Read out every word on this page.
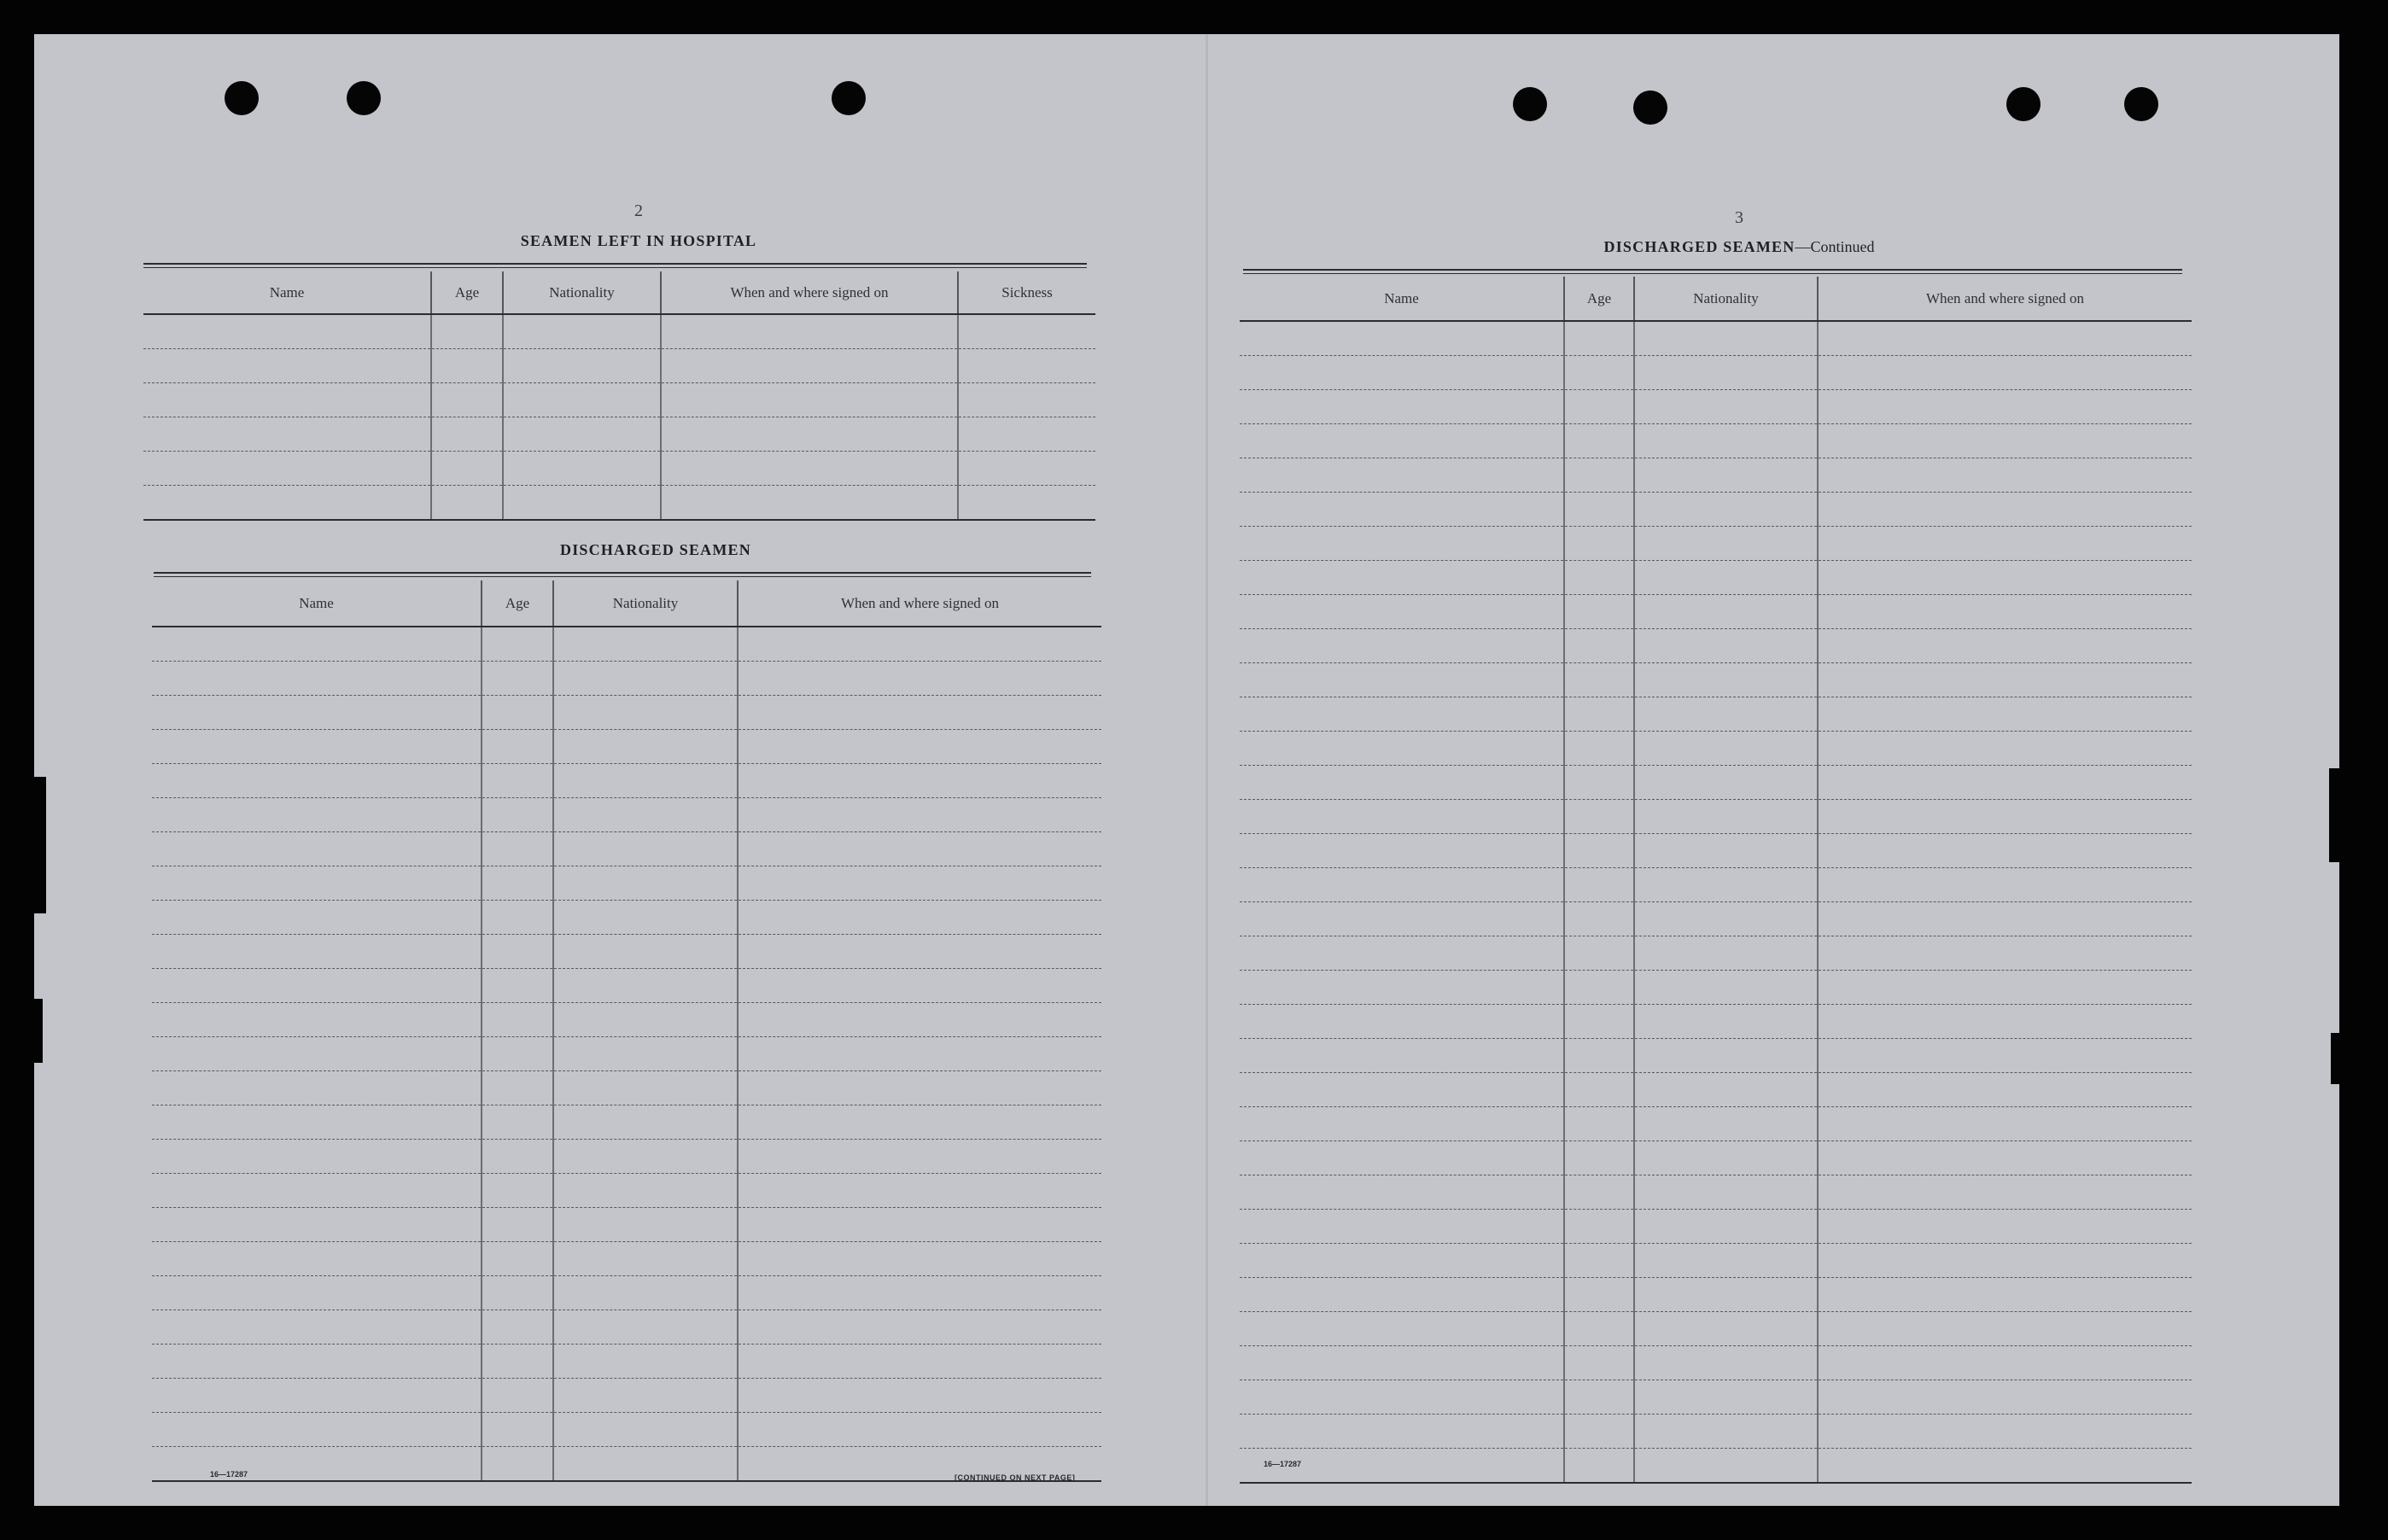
2
SEAMEN LEFT IN HOSPITAL
Name	Age	Nationality	When and where signed on	Sickness

DISCHARGED SEAMEN
Name	Age	Nationality	When and where signed on

16—17287	[CONTINUED ON NEXT PAGE]
3
DISCHARGED SEAMEN—Continued
Name	Age	Nationality	When and where signed on

16—17287
